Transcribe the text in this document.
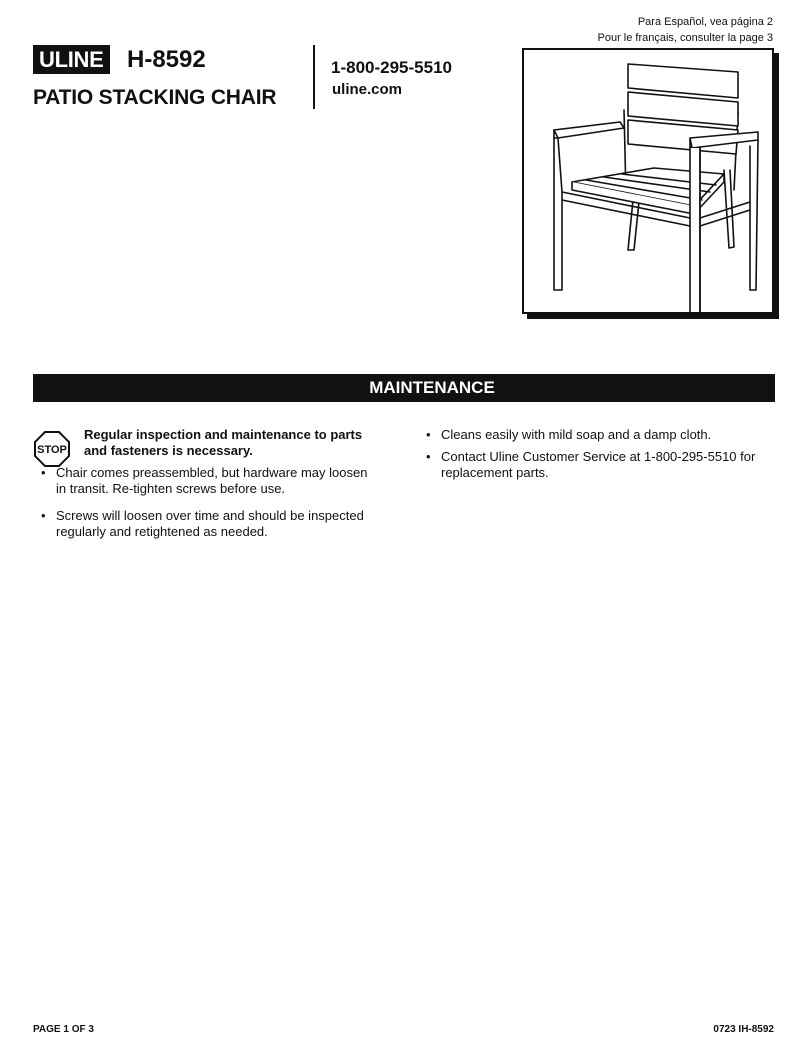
Para Español, vea página 2
Pour le français, consulter la page 3
ULINE H-8592
PATIO STACKING CHAIR
1-800-295-5510
uline.com
MAINTENANCE
STOP
Regular inspection and maintenance to parts and fasteners is necessary.
• Chair comes preassembled, but hardware may loosen in transit. Re-tighten screws before use.
• Screws will loosen over time and should be inspected regularly and retightened as needed.
• Cleans easily with mild soap and a damp cloth.
• Contact Uline Customer Service at 1-800-295-5510 for replacement parts.
PAGE 1 OF 3	0723 IH-8592
